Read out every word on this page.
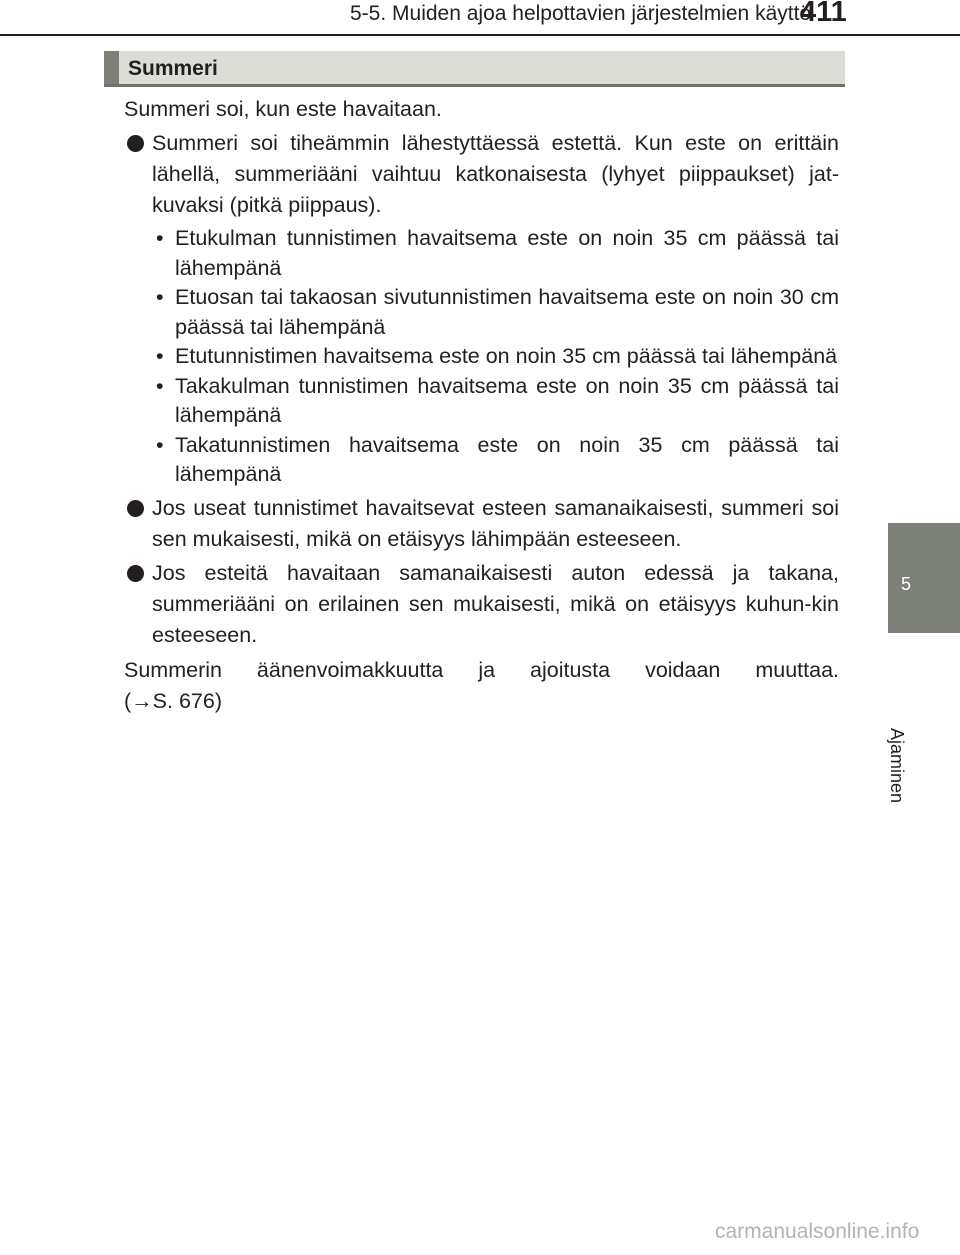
5-5. Muiden ajoa helpottavien järjestelmien käyttö
411
5
Ajaminen
Summeri

Summeri soi, kun este havaitaan.

Summeri soi tiheämmin lähestyttäessä estettä. Kun este on erittäin lähellä, summeriääni vaihtuu katkonaisesta (lyhyet piippaukset) jat-kuvaksi (pitkä piippaus).

• Etukulman tunnistimen havaitsema este on noin 35 cm päässä tai lähempänä
• Etuosan tai takaosan sivutunnistimen havaitsema este on noin 30 cm päässä tai lähempänä
• Etutunnistimen havaitsema este on noin 35 cm päässä tai lähempänä
• Takakulman tunnistimen havaitsema este on noin 35 cm päässä tai lähempänä
• Takatunnistimen havaitsema este on noin 35 cm päässä tai lähempänä

Jos useat tunnistimet havaitsevat esteen samanaikaisesti, summeri soi sen mukaisesti, mikä on etäisyys lähimpään esteeseen.

Jos esteitä havaitaan samanaikaisesti auton edessä ja takana, summeriääni on erilainen sen mukaisesti, mikä on etäisyys kuhun-kin esteeseen.

Summerin äänenvoimakkuutta ja ajoitusta voidaan muuttaa.

(→S. 676)

carmanualsonline.info
